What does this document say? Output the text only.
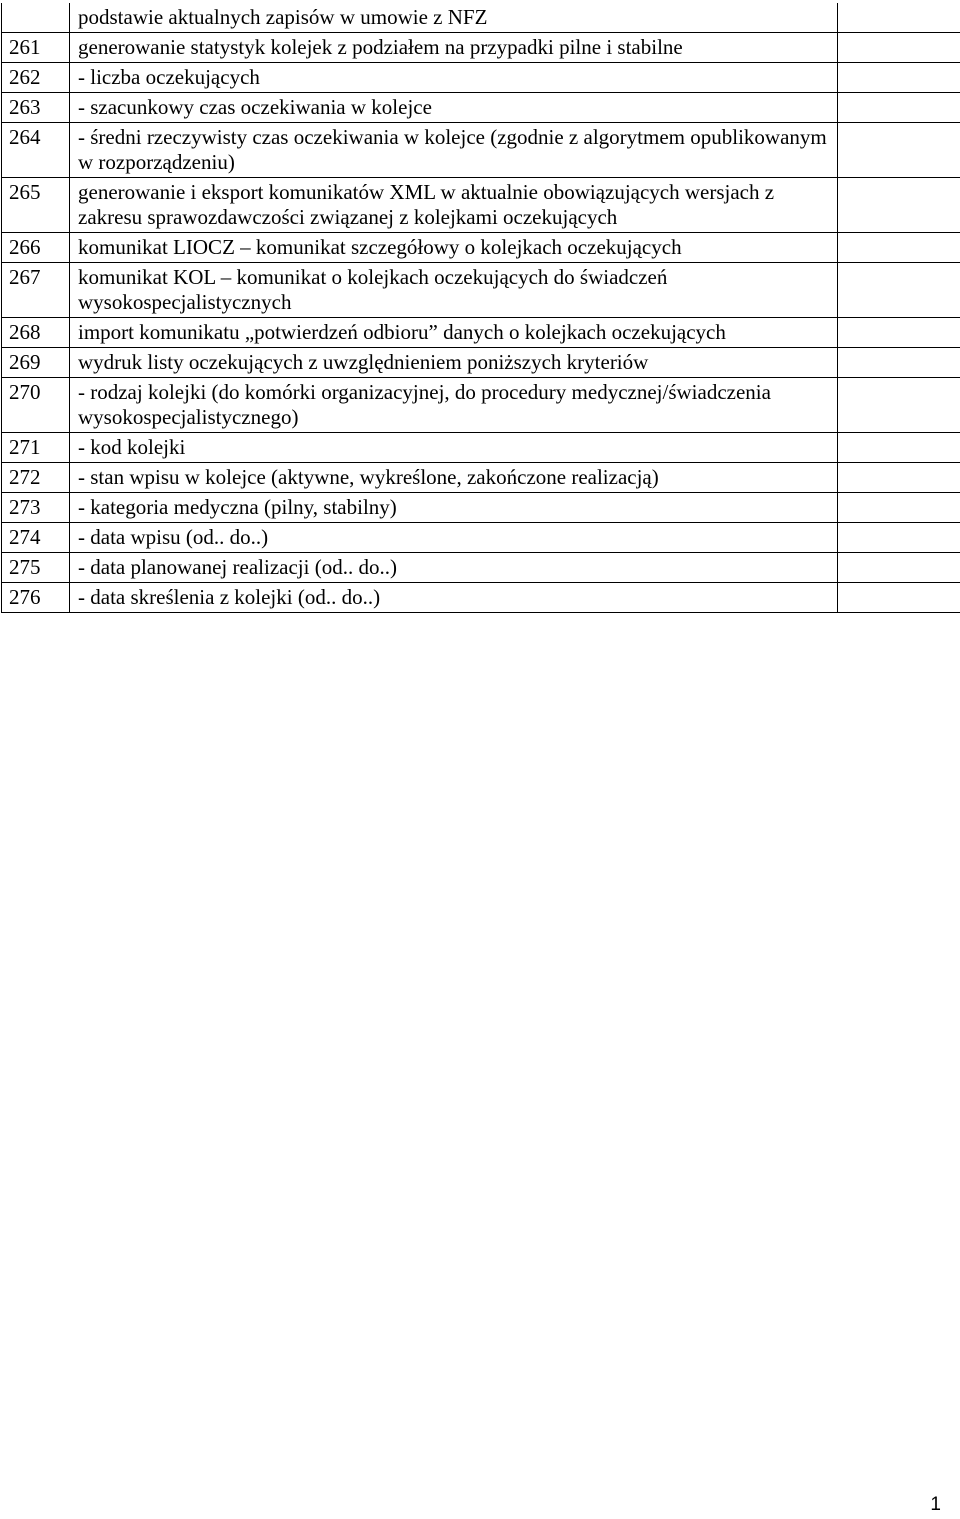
	podstawie aktualnych zapisów w umowie z NFZ	
261	generowanie statystyk kolejek z podziałem na przypadki pilne i stabilne	
262	- liczba oczekujących	
263	- szacunkowy czas oczekiwania w kolejce	
264	- średni rzeczywisty czas oczekiwania w kolejce (zgodnie z algorytmem opublikowanym w rozporządzeniu)	
265	generowanie i eksport komunikatów XML w aktualnie obowiązujących wersjach z zakresu sprawozdawczości związanej z kolejkami oczekujących	
266	komunikat LIOCZ – komunikat szczegółowy o kolejkach oczekujących	
267	komunikat KOL – komunikat o kolejkach oczekujących do świadczeń wysokospecjalistycznych	
268	import komunikatu „potwierdzeń odbioru” danych o kolejkach oczekujących	
269	wydruk listy oczekujących z uwzględnieniem poniższych kryteriów	
270	- rodzaj kolejki (do komórki organizacyjnej, do procedury medycznej/świadczenia wysokospecjalistycznego)	
271	- kod kolejki	
272	- stan wpisu w kolejce (aktywne, wykreślone, zakończone realizacją)	
273	- kategoria medyczna (pilny, stabilny)	
274	- data wpisu (od.. do..)	
275	- data planowanej realizacji (od.. do..)	
276	- data skreślenia z kolejki (od.. do..)	
1
